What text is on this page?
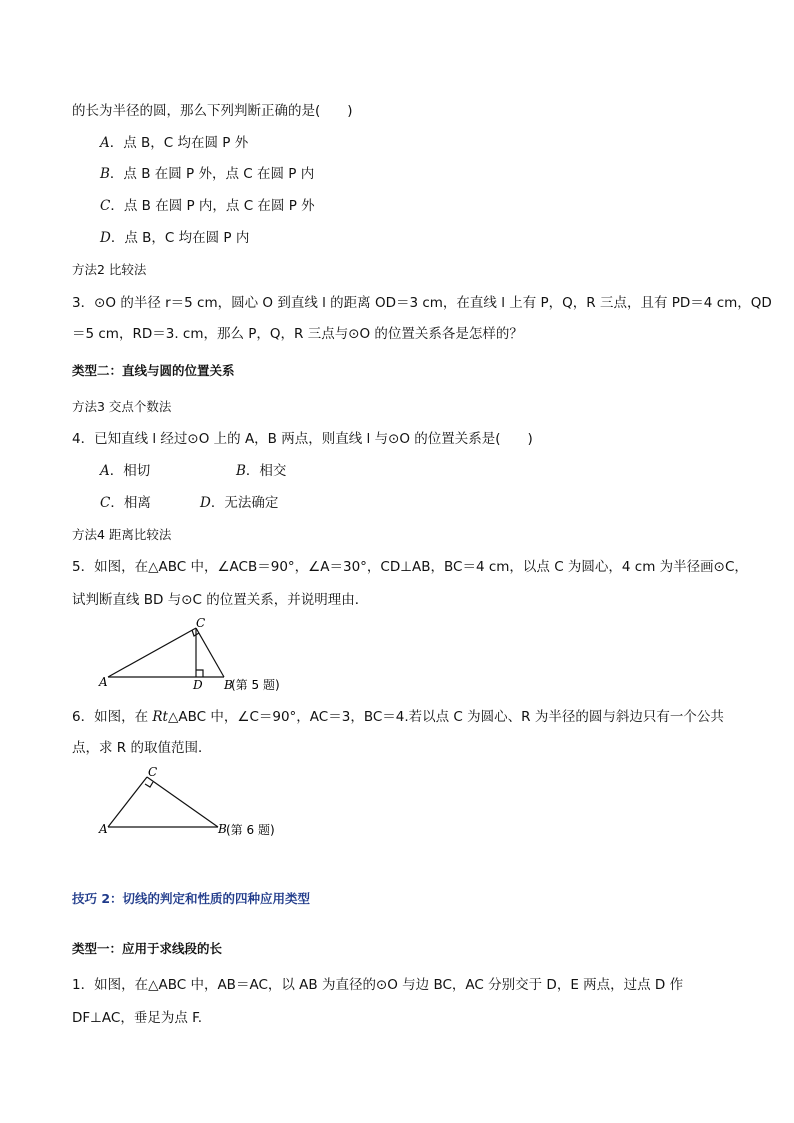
的长为半径的圆，那么下列判断正确的是(　　)
A．点 B，C 均在圆 P 外
B．点 B 在圆 P 外，点 C 在圆 P 内
C．点 B 在圆 P 内，点 C 在圆 P 外
D．点 B，C 均在圆 P 内
方法2 比较法
3．⊙O 的半径 r＝5 cm，圆心 O 到直线 l 的距离 OD＝3 cm，在直线 l 上有 P，Q，R 三点，且有 PD＝4 cm，QD
＝5 cm，RD＝3. cm，那么 P，Q，R 三点与⊙O 的位置关系各是怎样的？
类型二：直线与圆的位置关系
方法3 交点个数法
4．已知直线 l 经过⊙O 上的 A，B 两点，则直线 l 与⊙O 的位置关系是(　　)
A．相切	B．相交
C．相离	D．无法确定
方法4 距离比较法
5．如图，在△ABC 中，∠ACB＝90°，∠A＝30°，CD⊥AB，BC＝4 cm，以点 C 为圆心，4 cm 为半径画⊙C，
试判断直线 BD 与⊙C 的位置关系，并说明理由．
A	D B
C
(第 5 题)
6．如图，在 Rt△ABC 中，∠C＝90°，AC＝3，BC＝4.若以点 C 为圆心、R 为半径的圆与斜边只有一个公共
点，求 R 的取值范围．
A
C
B (第 6 题)
技巧 2：切线的判定和性质的四种应用类型
类型一：应用于求线段的长
1．如图，在△ABC 中，AB＝AC，以 AB 为直径的⊙O 与边 BC，AC 分别交于 D，E 两点，过点 D 作
DF⊥AC，垂足为点 F.
